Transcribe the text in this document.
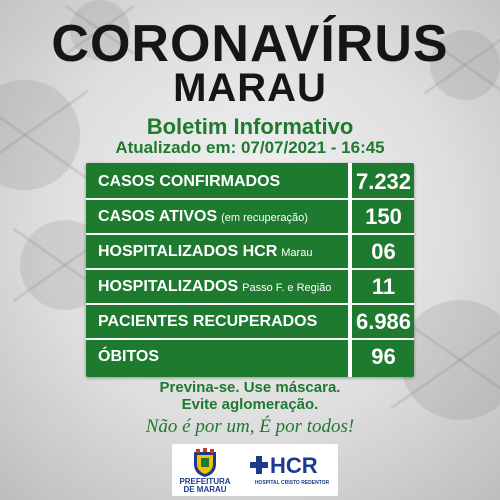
CORONAVÍRUS
MARAU
Boletim Informativo
Atualizado em: 07/07/2021 - 16:45
CASOS CONFIRMADOS	7.232
CASOS ATIVOS (em recuperação)	150
HOSPITALIZADOS HCR Marau	06
HOSPITALIZADOS Passo F. e Região	11
PACIENTES RECUPERADOS 6.986
ÓBITOS	96
Previna-se. Use máscara.
Evite aglomeração.
Não é por um, É por todos!
PREFEITURA
DE MARAU
HCR
HOSPITAL CRISTO REDENTOR
